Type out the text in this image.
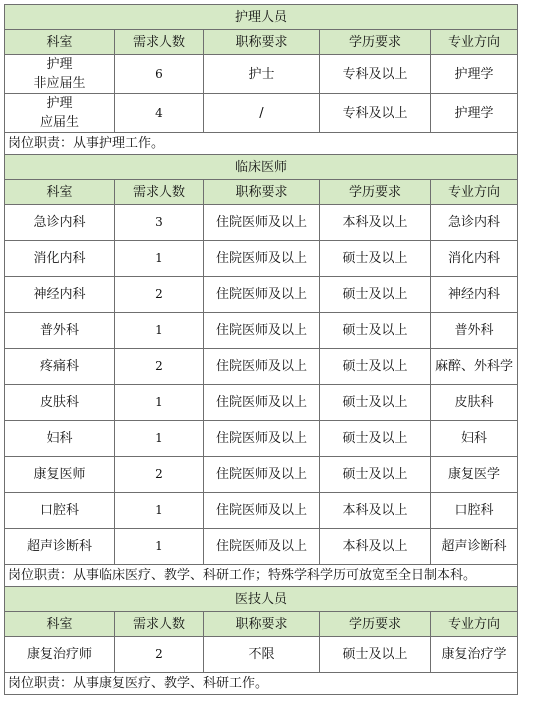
护理人员				
科室	需求人数	职称要求	学历要求	专业方向

护理
非应届生	6	护士	专科及以上	护理学

护理
应届生	4	/	专科及以上	护理学
岗位职责：从事护理工作。				
临床医师				
科室	需求人数	职称要求	学历要求	专业方向
急诊内科	3	住院医师及以上	本科及以上	急诊内科
消化内科	1	住院医师及以上	硕士及以上	消化内科
神经内科	2	住院医师及以上	硕士及以上	神经内科
普外科	1	住院医师及以上	硕士及以上	普外科
疼痛科	2	住院医师及以上	硕士及以上	麻醉、外科学
皮肤科	1	住院医师及以上	硕士及以上	皮肤科
妇科	1	住院医师及以上	硕士及以上	妇科
康复医师	2	住院医师及以上	硕士及以上	康复医学
口腔科	1	住院医师及以上	本科及以上	口腔科
超声诊断科	1	住院医师及以上	本科及以上	超声诊断科
岗位职责：从事临床医疗、教学、科研工作；特殊学科学历可放宽至全日制本科。				
医技人员				
科室	需求人数	职称要求	学历要求	专业方向
康复治疗师	2	不限	硕士及以上	康复治疗学
岗位职责：从事康复医疗、教学、科研工作。				
